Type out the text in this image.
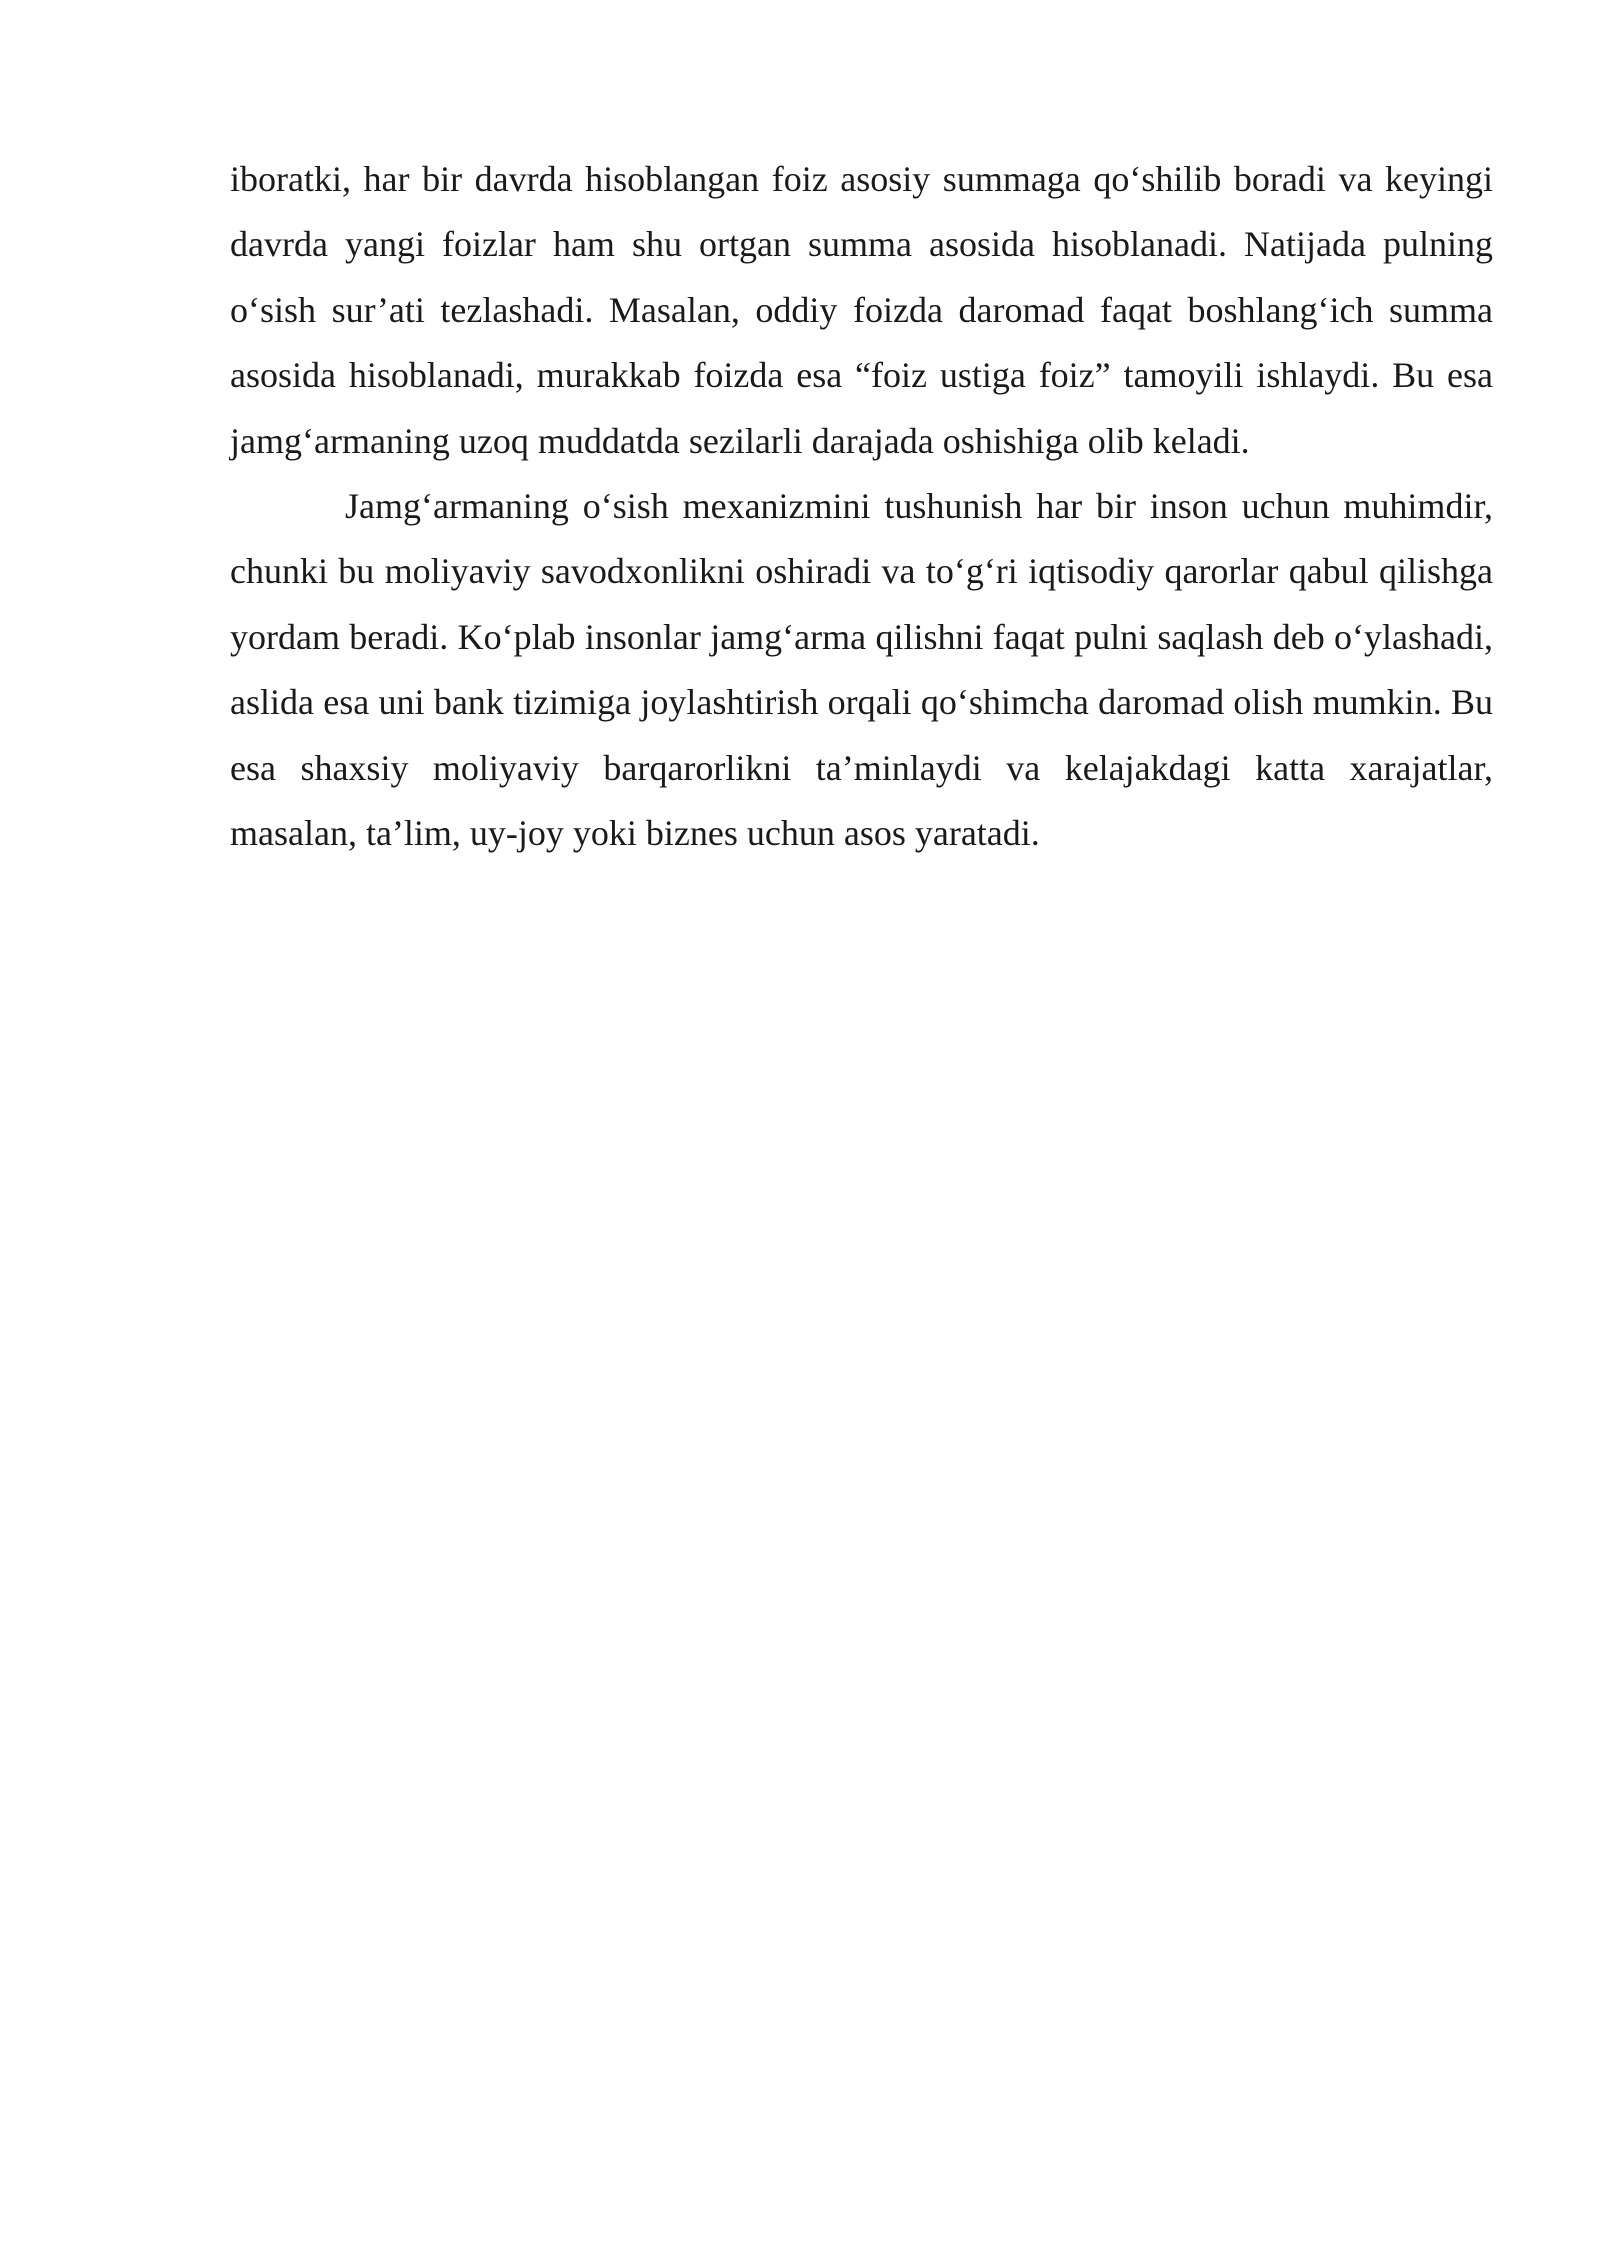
iboratki, har bir davrda hisoblangan foiz asosiy summaga qo‘shilib boradi va keyingi davrda yangi foizlar ham shu ortgan summa asosida hisoblanadi. Natijada pulning o‘sish sur’ati tezlashadi. Masalan, oddiy foizda daromad faqat boshlang‘ich summa asosida hisoblanadi, murakkab foizda esa “foiz ustiga foiz” tamoyili ishlaydi. Bu esa jamg‘armaning uzoq muddatda sezilarli darajada oshishiga olib keladi.

Jamg‘armaning o‘sish mexanizmini tushunish har bir inson uchun muhimdir, chunki bu moliyaviy savodxonlikni oshiradi va to‘g‘ri iqtisodiy qarorlar qabul qilishga yordam beradi. Ko‘plab insonlar jamg‘arma qilishni faqat pulni saqlash deb o‘ylashadi, aslida esa uni bank tizimiga joylashtirish orqali qo‘shimcha daromad olish mumkin. Bu esa shaxsiy moliyaviy barqarorlikni ta’minlaydi va kelajakdagi katta xarajatlar, masalan, ta’lim, uy-joy yoki biznes uchun asos yaratadi.
